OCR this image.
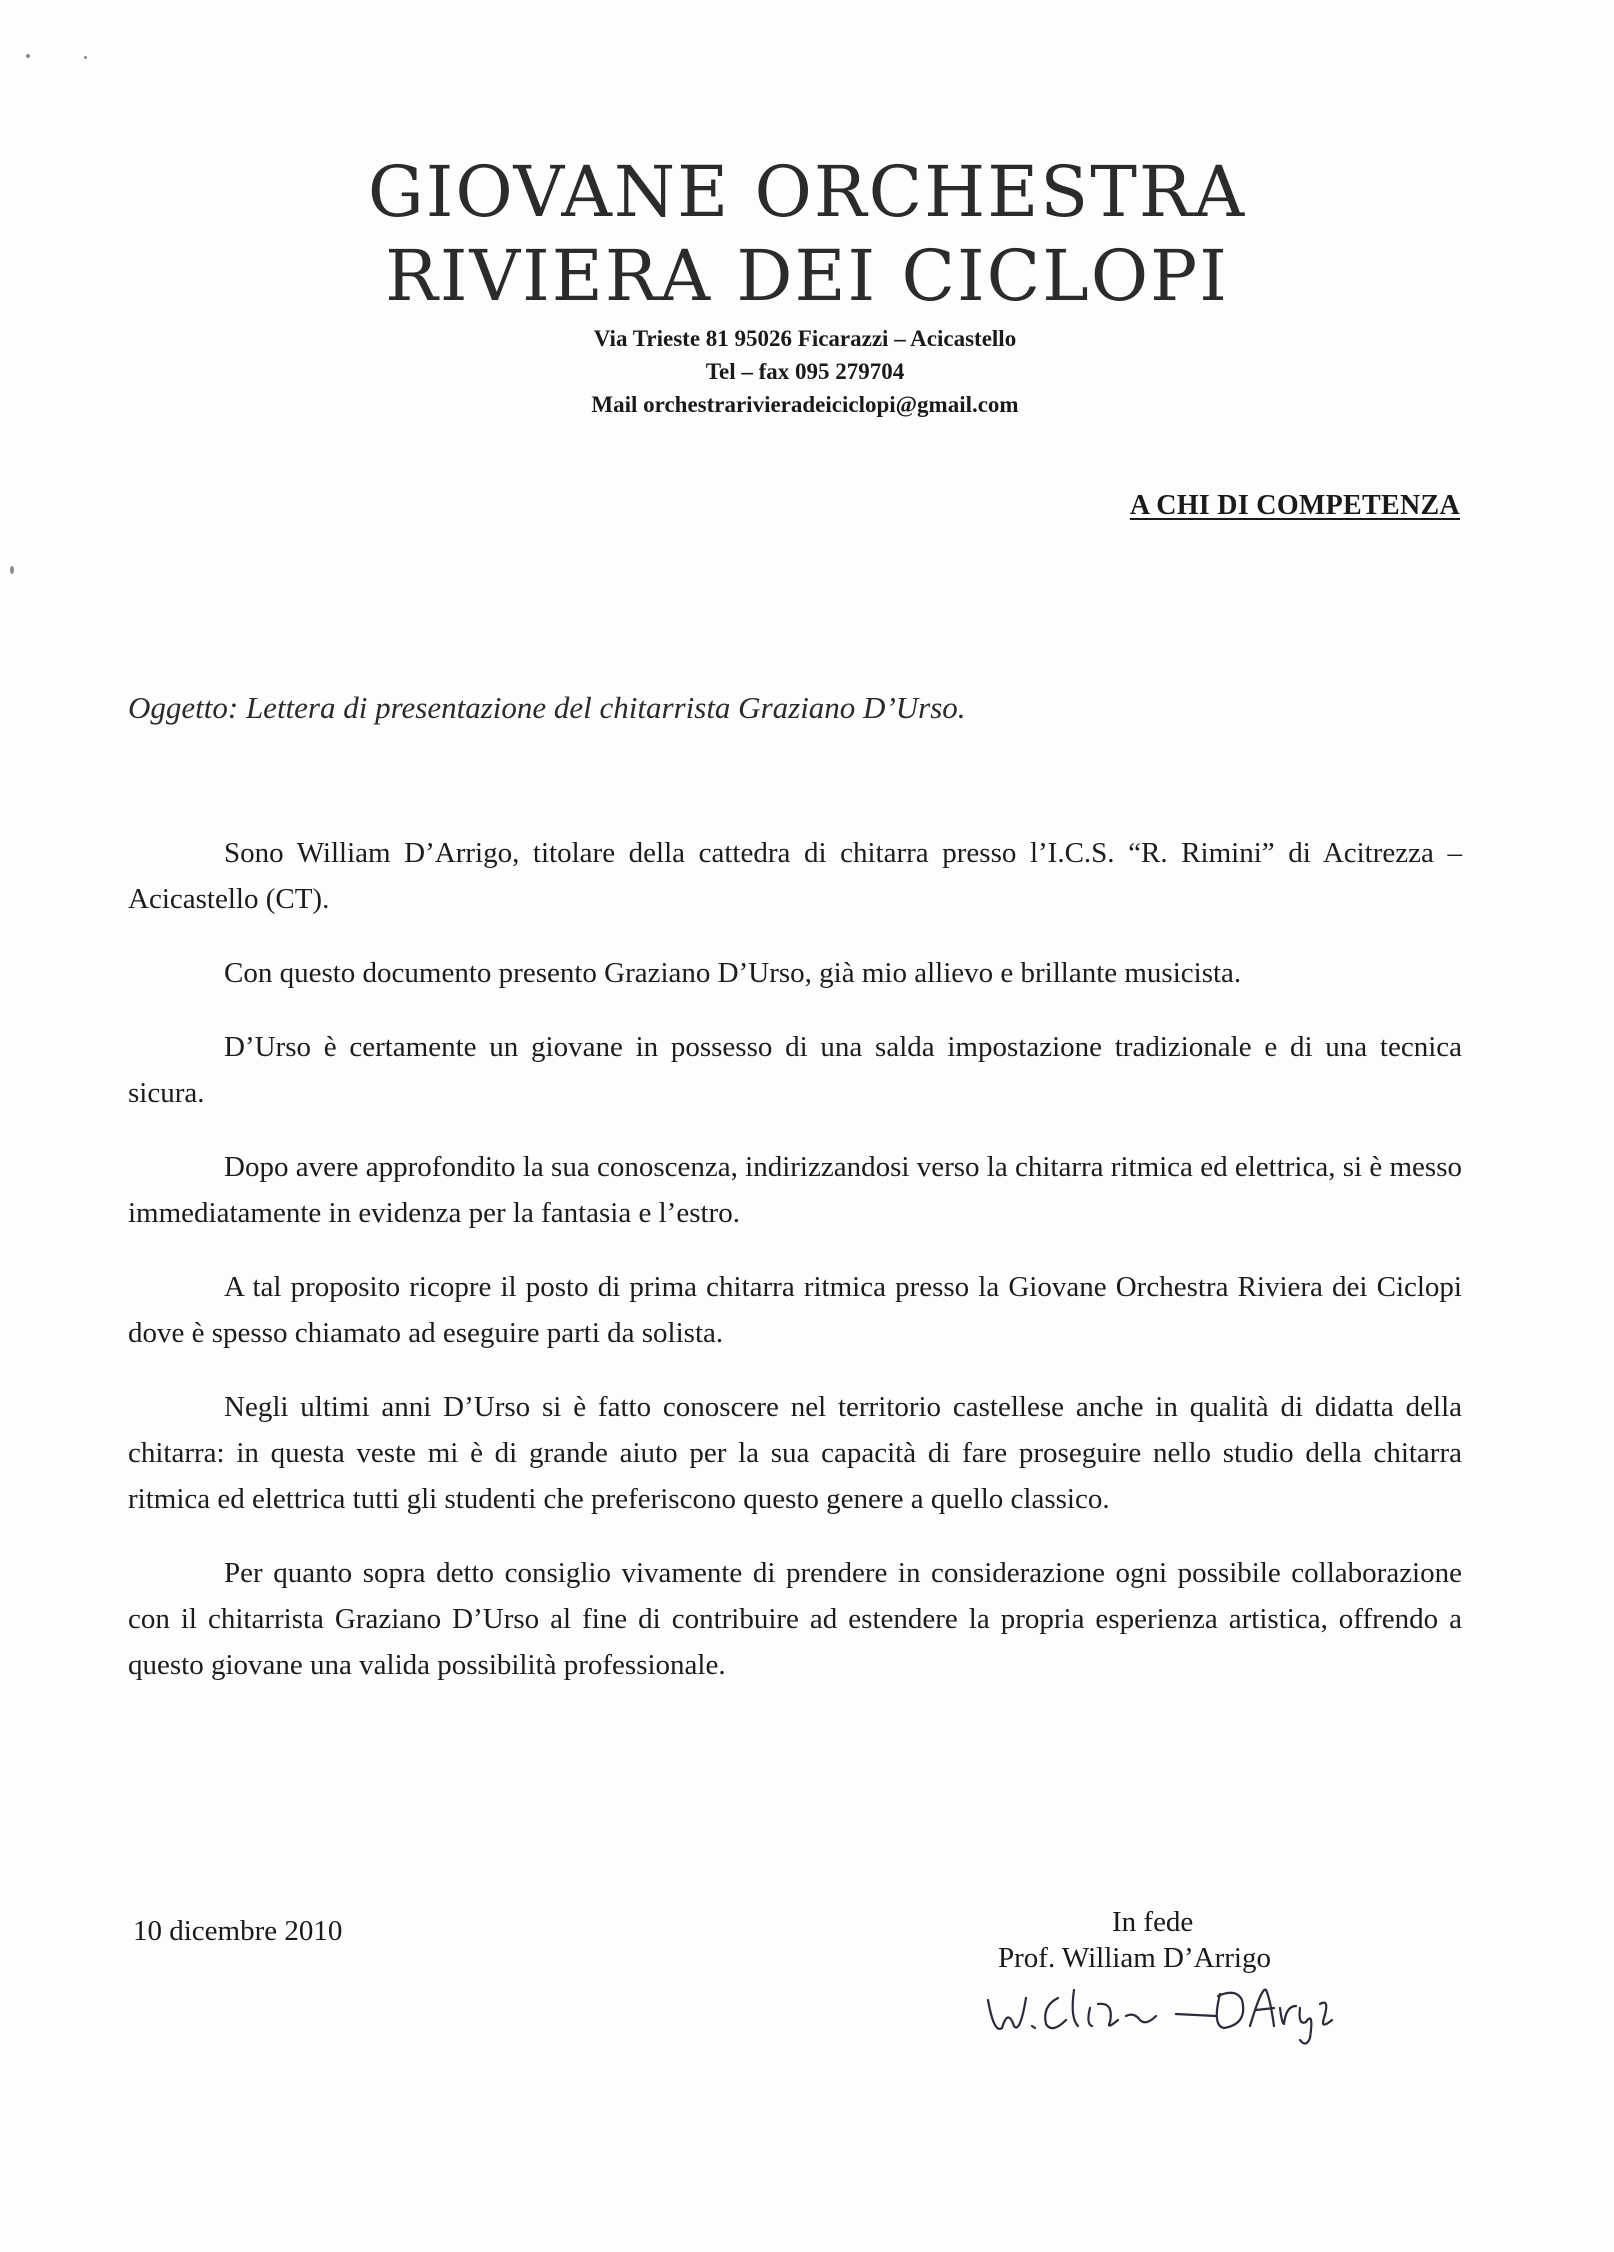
GIOVANE ORCHESTRA
RIVIERA DEI CICLOPI
Via Trieste 81 95026 Ficarazzi – Acicastello
Tel – fax 095 279704
Mail orchestrarivieradeiciclopi@gmail.com
A CHI DI COMPETENZA
Oggetto: Lettera di presentazione del chitarrista Graziano D’Urso.

Sono William D’Arrigo, titolare della cattedra di chitarra presso l’I.C.S. “R. Rimini” di Acitrezza – Acicastello (CT).

Con questo documento presento Graziano D’Urso, già mio allievo e brillante musicista.

D’Urso è certamente un giovane in possesso di una salda impostazione tradizionale e di una tecnica sicura.

Dopo avere approfondito la sua conoscenza, indirizzandosi verso la chitarra ritmica ed elettrica, si è messo immediatamente in evidenza per la fantasia e l’estro.

A tal proposito ricopre il posto di prima chitarra ritmica presso la Giovane Orchestra Riviera dei Ciclopi dove è spesso chiamato ad eseguire parti da solista.

Negli ultimi anni D’Urso si è fatto conoscere nel territorio castellese anche in qualità di didatta della chitarra: in questa veste mi è di grande aiuto per la sua capacità di fare proseguire nello studio della chitarra ritmica ed elettrica tutti gli studenti che preferiscono questo genere a quello classico.

Per quanto sopra detto consiglio vivamente di prendere in considerazione ogni possibile collaborazione con il chitarrista Graziano D’Urso al fine di contribuire ad estendere la propria esperienza artistica, offrendo a questo giovane una valida possibilità professionale.

10 dicembre 2010	In fede
Prof. William D’Arrigo
